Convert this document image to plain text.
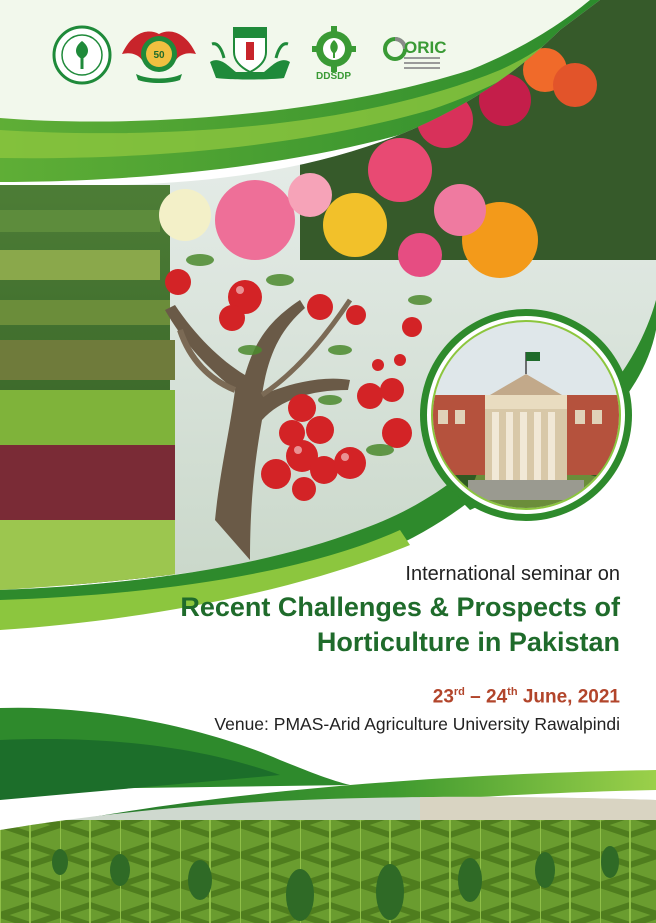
50
DDSDP
ORIC
International seminar on
Recent Challenges & Prospects of
Horticulture in Pakistan
23rd – 24th June, 2021
Venue: PMAS-Arid Agriculture University Rawalpindi
